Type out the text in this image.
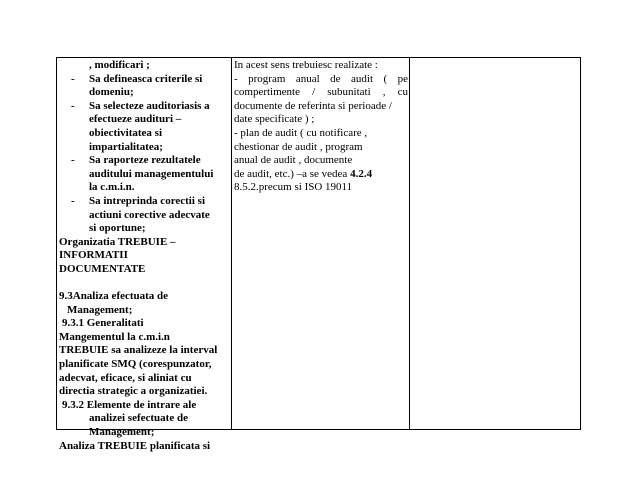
, modificari ;
- Sa defineasca criterile si
domeniu;
- Sa selecteze auditoriasis a
efectueze audituri –
obiectivitatea si
impartialitatea;
- Sa raporteze rezultatele
auditului managementului
la c.m.i.n.
- Sa intreprinda corectii si
actiuni corective adecvate
si oportune;
Organizatia TREBUIE –
INFORMATII
DOCUMENTATE
9.3Analiza efectuata de
Management;
9.3.1 Generalitati
Mangementul la c.m.i.n
TREBUIE sa analizeze la interval
planificate SMQ (corespunzator,
adecvat, eficace, si aliniat cu
directia strategic a organizatiei.
9.3.2 Elemente de intrare ale
analizei sefectuate de
Management;
Analiza TREBUIE planificata si
In acest sens trebuiesc realizate :
- program anual de audit ( pe
compertimente / subunitati , cu
documente de referinta si perioade /
date specificate ) ;
- plan de audit ( cu notificare ,
chestionar de audit , program
anual de audit , documente
de audit, etc.) –a se vedea 4.2.4
8.5.2.precum si ISO 19011
